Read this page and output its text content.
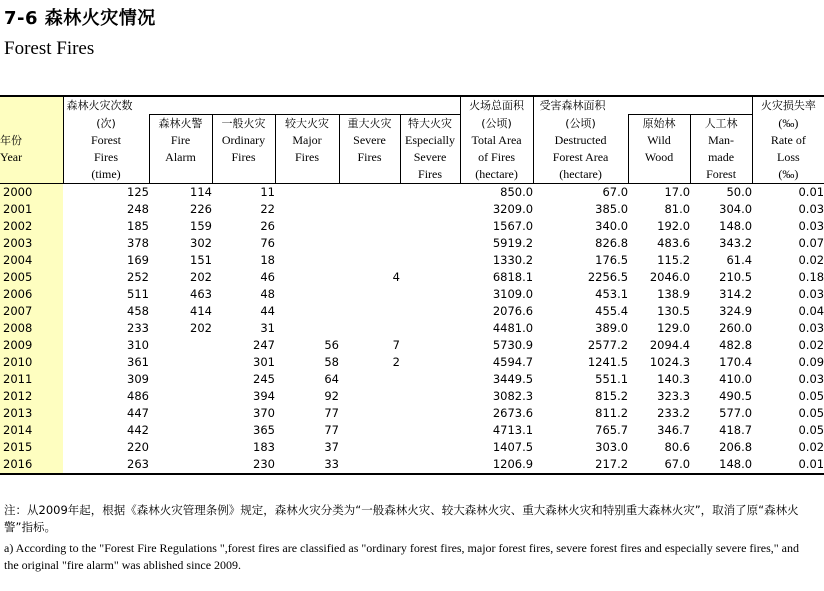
7-6 森林火灾情况
Forest Fires
	森林火灾次数						火场总面积	受害森林面积			火灾损失率
	(次)	森林火警	一般火灾	较大火灾	重大火灾	特大火灾	(公顷)	(公顷)	原始林	人工林	(‰)
年份	Forest	Fire	Ordinary	Major	Severe	Especially	Total Area	Destructed	Wild	Man-	Rate of
Year	Fires	Alarm	Fires	Fires	Fires	Severe	of Fires	Forest Area	Wood	made	Loss
	(time)					Fires	(hectare)	(hectare)		Forest	(‰)
2000	125	114	11				850.0	67.0	17.0	50.0	0.01
2001	248	226	22				3209.0	385.0	81.0	304.0	0.03
2002	185	159	26				1567.0	340.0	192.0	148.0	0.03
2003	378	302	76				5919.2	826.8	483.6	343.2	0.07
2004	169	151	18				1330.2	176.5	115.2	61.4	0.02
2005	252	202	46		4		6818.1	2256.5	2046.0	210.5	0.18
2006	511	463	48				3109.0	453.1	138.9	314.2	0.03
2007	458	414	44				2076.6	455.4	130.5	324.9	0.04
2008	233	202	31				4481.0	389.0	129.0	260.0	0.03
2009	310		247	56	7		5730.9	2577.2	2094.4	482.8	0.02
2010	361		301	58	2		4594.7	1241.5	1024.3	170.4	0.09
2011	309		245	64			3449.5	551.1	140.3	410.0	0.03
2012	486		394	92			3082.3	815.2	323.3	490.5	0.05
2013	447		370	77			2673.6	811.2	233.2	577.0	0.05
2014	442		365	77			4713.1	765.7	346.7	418.7	0.05
2015	220		183	37			1407.5	303.0	80.6	206.8	0.02
2016	263		230	33			1206.9	217.2	67.0	148.0	0.01
注：从2009年起，根据《森林火灾管理条例》规定，森林火灾分类为“一般森林火灾、较大森林火灾、重大森林火灾和特别重大森林火灾”，取消了原“森林火警”指标。
a) According to the "Forest Fire Regulations ",forest fires are classified as "ordinary forest fires, major forest fires, severe forest fires and especially severe fires," and the original "fire alarm" was ablished since 2009.
